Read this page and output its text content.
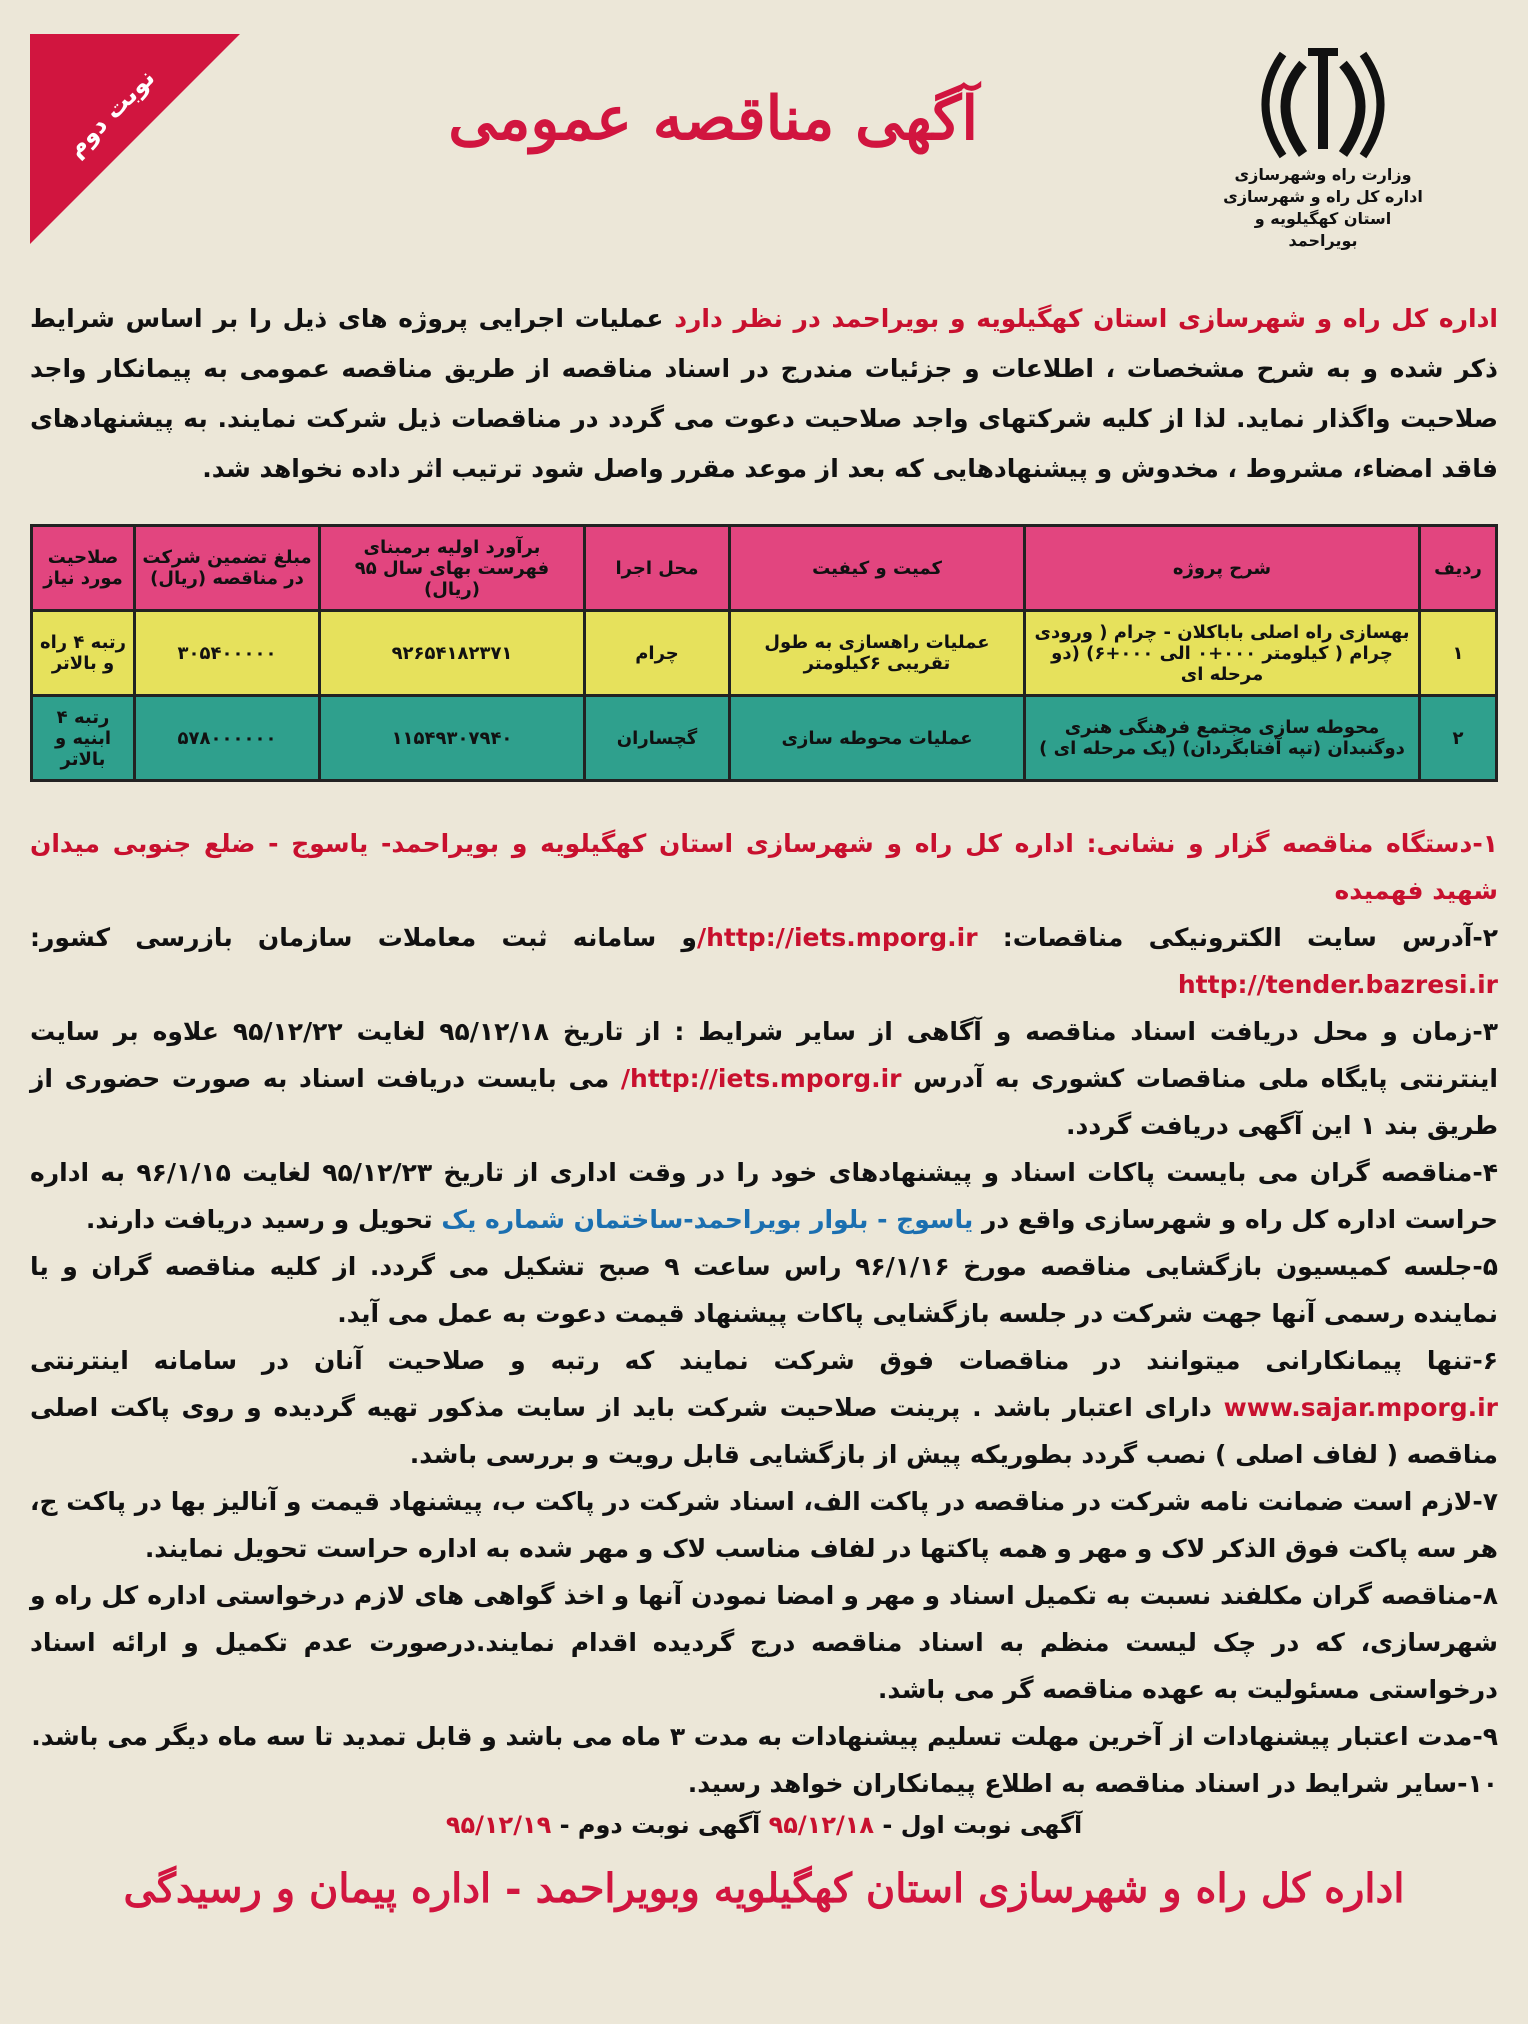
وزارت راه وشهرسازی
اداره کل راه و شهرسازی
استان کهگیلویه و بویراحمد
آگهی مناقصه عمومی
نوبت دوم

اداره کل راه و شهرسازی استان کهگیلویه و بویراحمد در نظر دارد عملیات اجرایی پروژه های ذیل را بر اساس شرایط ذکر شده و به شرح مشخصات ، اطلاعات و جزئیات مندرج در اسناد مناقصه از طریق مناقصه عمومی به پیمانکار واجد صلاحیت واگذار نماید. لذا از کلیه شرکتهای واجد صلاحیت دعوت می گردد در مناقصات ذیل شرکت نمایند. به پیشنهادهای فاقد امضاء، مشروط ، مخدوش و پیشنهادهایی که بعد از موعد مقرر واصل شود ترتیب اثر داده نخواهد شد.

ردیف	شرح پروژه	کمیت و کیفیت	محل اجرا	برآورد اولیه برمبنای فهرست بهای سال ۹۵ (ریال)	مبلغ تضمین شرکت در مناقصه (ریال)	صلاحیت مورد نیاز
۱	بهسازی راه اصلی باباکلان - چرام ( ورودی چرام ( کیلومتر ۰۰۰+۰ الی ۰۰۰+۶) (دو مرحله ای	عملیات راهسازی به طول تقریبی ۶کیلومتر	چرام	۹۲۶۵۴۱۸۲۳۷۱	۳۰۵۴۰۰۰۰۰	رتبه ۴ راه و بالاتر
۲	محوطه سازی مجتمع فرهنگی هنری دوگنبدان (تپه آفتابگردان) (یک مرحله ای )	عملیات محوطه سازی	گچساران	۱۱۵۴۹۳۰۷۹۴۰	۵۷۸۰۰۰۰۰۰	رتبه ۴ ابنیه و بالاتر

۱-دستگاه مناقصه گزار و نشانی: اداره کل راه و شهرسازی استان کهگیلویه و بویراحمد- یاسوج - ضلع جنوبی میدان شهید فهمیده

۲-آدرس سایت الکترونیکی مناقصات: http://iets.mporg.ir/و سامانه ثبت معاملات سازمان بازرسی کشور: http://tender.bazresi.ir

۳-زمان و محل دریافت اسناد مناقصه و آگاهی از سایر شرایط : از تاریخ ۹۵/۱۲/۱۸ لغایت ۹۵/۱۲/۲۲ علاوه بر سایت اینترنتی پایگاه ملی مناقصات کشوری به آدرس http://iets.mporg.ir/ می بایست دریافت اسناد به صورت حضوری از طریق بند ۱ این آگهی دریافت گردد.

۴-مناقصه گران می بایست پاکات اسناد و پیشنهادهای خود را در وقت اداری از تاریخ ۹۵/۱۲/۲۳ لغایت ۹۶/۱/۱۵ به اداره حراست اداره کل راه و شهرسازی واقع در یاسوج - بلوار بویراحمد-ساختمان شماره یک تحویل و رسید دریافت دارند.

۵-جلسه کمیسیون بازگشایی مناقصه مورخ ۹۶/۱/۱۶ راس ساعت ۹ صبح تشکیل می گردد. از کلیه مناقصه گران و یا نماینده رسمی آنها جهت شرکت در جلسه بازگشایی پاکات پیشنهاد قیمت دعوت به عمل می آید.

۶-تنها پیمانکارانی میتوانند در مناقصات فوق شرکت نمایند که رتبه و صلاحیت آنان در سامانه اینترنتی www.sajar.mporg.ir دارای اعتبار باشد . پرینت صلاحیت شرکت باید از سایت مذکور تهیه گردیده و روی پاکت اصلی مناقصه ( لفاف اصلی ) نصب گردد بطوریکه پیش از بازگشایی قابل رویت و بررسی باشد.

۷-لازم است ضمانت نامه شرکت در مناقصه در پاکت الف، اسناد شرکت در پاکت ب، پیشنهاد قیمت و آنالیز بها در پاکت ج، هر سه پاکت فوق الذکر لاک و مهر و همه پاکتها در لفاف مناسب لاک و مهر شده به اداره حراست تحویل نمایند.

۸-مناقصه گران مکلفند نسبت به تکمیل اسناد و مهر و امضا نمودن آنها و اخذ گواهی های لازم درخواستی اداره کل راه و شهرسازی، که در چک لیست منظم به اسناد مناقصه درج گردیده اقدام نمایند.درصورت عدم تکمیل و ارائه اسناد درخواستی مسئولیت به عهده مناقصه گر می باشد.

۹-مدت اعتبار پیشنهادات از آخرین مهلت تسلیم پیشنهادات به مدت ۳ ماه می باشد و قابل تمدید تا سه ماه دیگر می باشد.

۱۰-سایر شرایط در اسناد مناقصه به اطلاع پیمانکاران خواهد رسید.

آگهی نوبت اول - ۹۵/۱۲/۱۸ آگهی نوبت دوم - ۹۵/۱۲/۱۹
اداره کل راه و شهرسازی استان کهگیلویه وبویراحمد - اداره پیمان و رسیدگی
